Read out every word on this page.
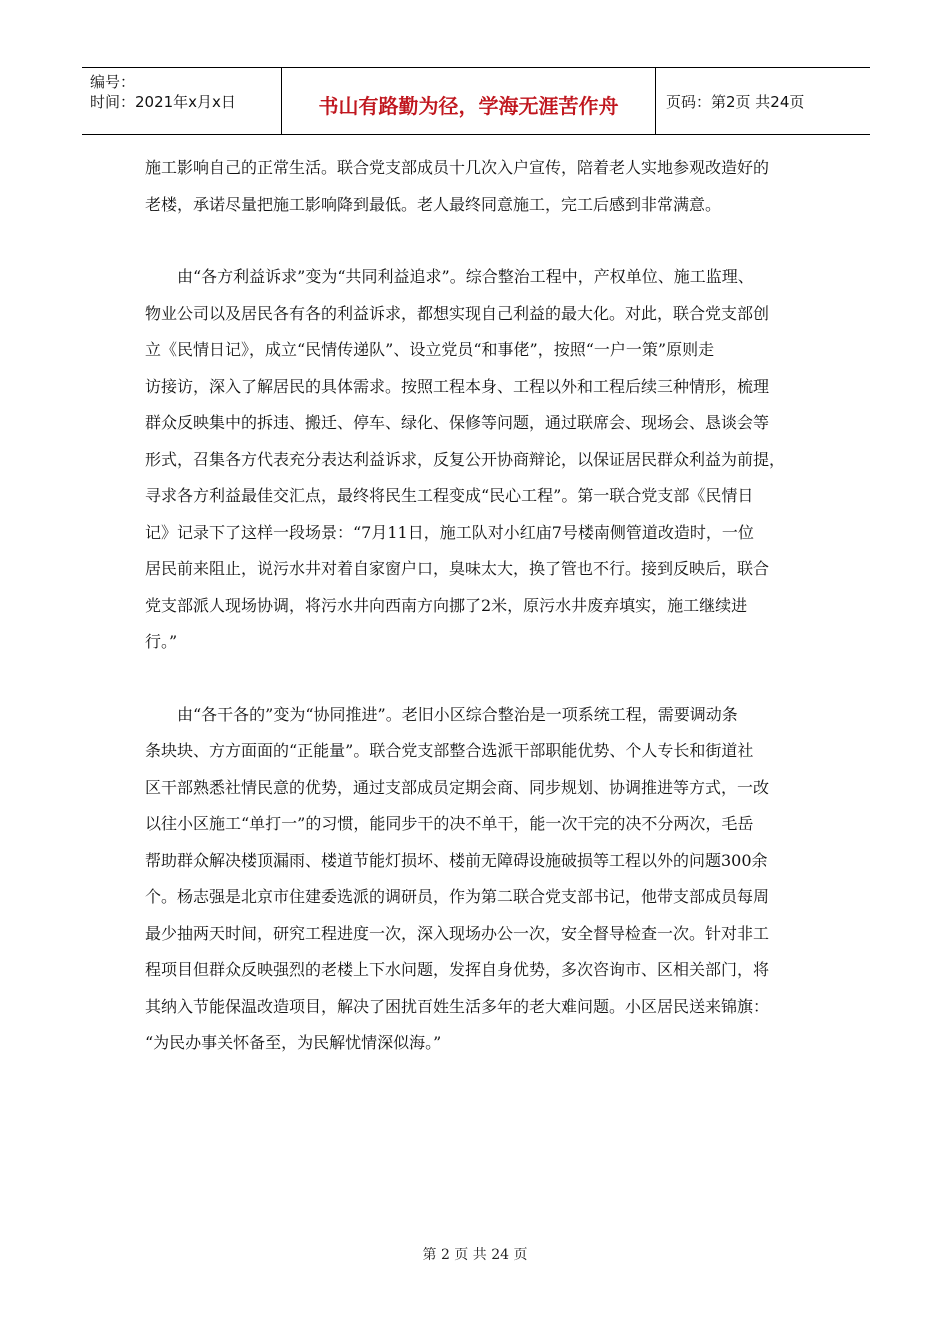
编号：
时间：2021年x月x日	书山有路勤为径，学海无涯苦作舟	页码：第2页 共24页

施工影响自己的正常生活。联合党支部成员十几次入户宣传，陪着老人实地参观改造好的
老楼，承诺尽量把施工影响降到最低。老人最终同意施工，完工后感到非常满意。

由“各方利益诉求”变为“共同利益追求”。综合整治工程中，产权单位、施工监理、
物业公司以及居民各有各的利益诉求，都想实现自己利益的最大化。对此，联合党支部创
立《民情日记》，成立“民情传递队”、设立党员“和事佬”，按照“一户一策”原则走
访接访，深入了解居民的具体需求。按照工程本身、工程以外和工程后续三种情形，梳理
群众反映集中的拆违、搬迁、停车、绿化、保修等问题，通过联席会、现场会、恳谈会等
形式，召集各方代表充分表达利益诉求，反复公开协商辩论，以保证居民群众利益为前提，
寻求各方利益最佳交汇点，最终将民生工程变成“民心工程”。第一联合党支部《民情日
记》记录下了这样一段场景：“7月11日，施工队对小红庙7号楼南侧管道改造时，一位
居民前来阻止，说污水井对着自家窗户口，臭味太大，换了管也不行。接到反映后，联合
党支部派人现场协调，将污水井向西南方向挪了2米，原污水井废弃填实，施工继续进
行。”

由“各干各的”变为“协同推进”。老旧小区综合整治是一项系统工程，需要调动条
条块块、方方面面的“正能量”。联合党支部整合选派干部职能优势、个人专长和街道社
区干部熟悉社情民意的优势，通过支部成员定期会商、同步规划、协调推进等方式，一改
以往小区施工“单打一”的习惯，能同步干的决不单干，能一次干完的决不分两次，毛岳
帮助群众解决楼顶漏雨、楼道节能灯损坏、楼前无障碍设施破损等工程以外的问题300余
个。杨志强是北京市住建委选派的调研员，作为第二联合党支部书记，他带支部成员每周
最少抽两天时间，研究工程进度一次，深入现场办公一次，安全督导检查一次。针对非工
程项目但群众反映强烈的老楼上下水问题，发挥自身优势，多次咨询市、区相关部门，将
其纳入节能保温改造项目，解决了困扰百姓生活多年的老大难问题。小区居民送来锦旗：
“为民办事关怀备至，为民解忧情深似海。”

第 2 页 共 24 页
